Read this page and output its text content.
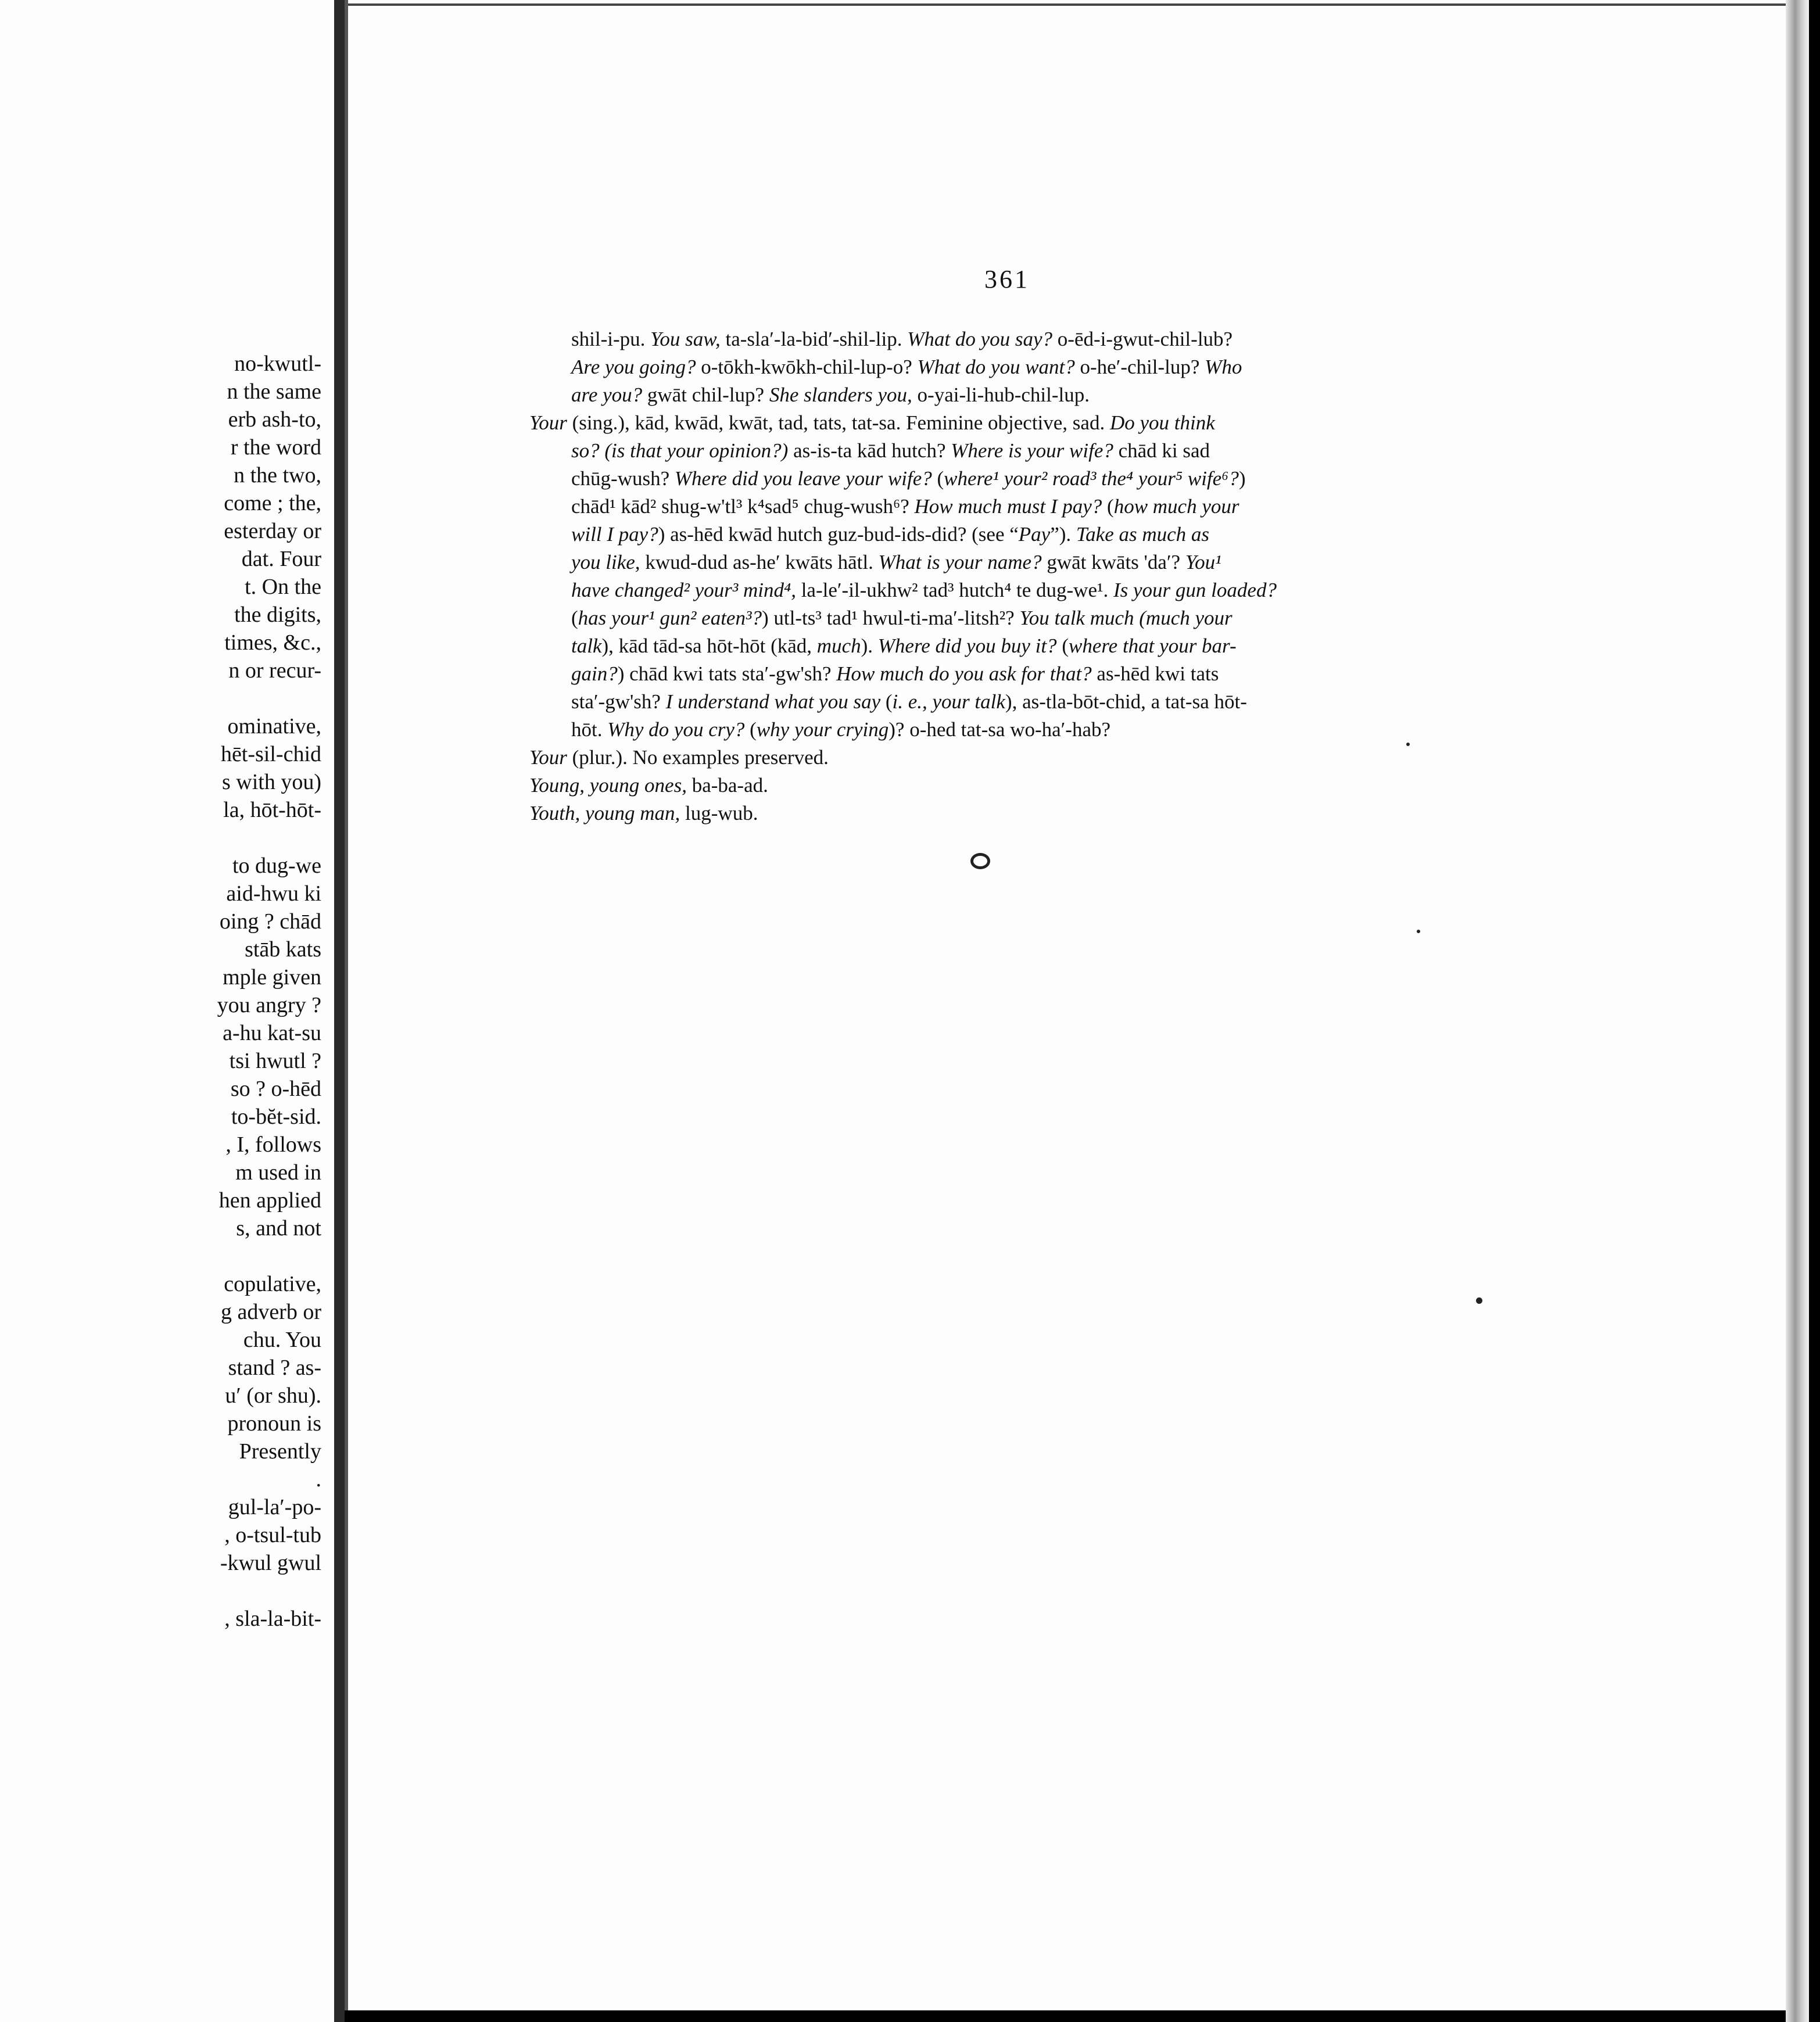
no-kwutl-
n the same
erb ash-to,
r the word
n the two,
come ; the,
esterday or
dat. Four
t. On the
the digits,
times, &c.,
n or recur-
ominative,
hēt-sil-chid
s with you)
la, hōt-hōt-
to dug-we
aid-hwu ki
oing ? chād
stāb kats
mple given
you angry ?
a-hu kat-su
tsi hwutl ?
so ? o-hēd
to-bĕt-sid.
, I, follows
m used in
hen applied
s, and not
copulative,
g adverb or
chu. You
stand ? as-
u′ (or shu).
pronoun is
Presently
.
gul-la′-po-
, o-tsul-tub
-kwul gwul
, sla-la-bit-
361
shil-i-pu. You saw, ta-sla′-la-bid′-shil-lip. What do you say? o-ēd-i-gwut-chil-lub?
Are you going? o-tōkh-kwōkh-chil-lup-o? What do you want? o-he′-chil-lup? Who
are you? gwāt chil-lup? She slanders you, o-yai-li-hub-chil-lup.
Your (sing.), kād, kwād, kwāt, tad, tats, tat-sa. Feminine objective, sad. Do you think
so? (is that your opinion?) as-is-ta kād hutch? Where is your wife? chād ki sad
chūg-wush? Where did you leave your wife? (where¹ your² road³ the⁴ your⁵ wife⁶?)
chād¹ kād² shug-w'tl³ k⁴sad⁵ chug-wush⁶? How much must I pay? (how much your
will I pay?) as-hēd kwād hutch guz-bud-ids-did? (see “Pay”). Take as much as
you like, kwud-dud as-he′ kwāts hātl. What is your name? gwāt kwāts 'da′? You¹
have changed² your³ mind⁴, la-le′-il-ukhw² tad³ hutch⁴ te dug-we¹. Is your gun loaded?
(has your¹ gun² eaten³?) utl-ts³ tad¹ hwul-ti-ma′-litsh²? You talk much (much your
talk), kād tād-sa hōt-hōt (kād, much). Where did you buy it? (where that your bar-
gain?) chād kwi tats sta′-gw'sh? How much do you ask for that? as-hēd kwi tats
sta′-gw'sh? I understand what you say (i. e., your talk), as-tla-bōt-chid, a tat-sa hōt-
hōt. Why do you cry? (why your crying)? o-hed tat-sa wo-ha′-hab?
Your (plur.). No examples preserved.
Young, young ones, ba-ba-ad.
Youth, young man, lug-wub.
